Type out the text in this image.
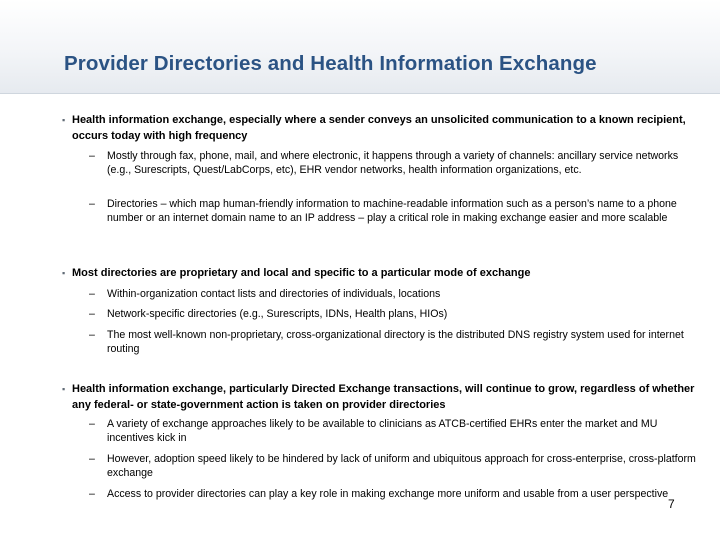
Provider Directories and Health Information Exchange
▪ Health information exchange, especially where a sender conveys an unsolicited communication to a known recipient, occurs today with high frequency
– Mostly through fax, phone, mail, and where electronic, it happens through a variety of channels: ancillary service networks (e.g., Surescripts, Quest/LabCorps, etc), EHR vendor networks, health information organizations, etc.
– Directories – which map human-friendly information to machine-readable information such as a person’s name to a phone number or an internet domain name to an IP address – play a critical role in making exchange easier and more scalable
▪ Most directories are proprietary and local and specific to a particular mode of exchange
– Within-organization contact lists and directories of individuals, locations
– Network-specific directories (e.g., Surescripts, IDNs, Health plans, HIOs)
– The most well-known non-proprietary, cross-organizational directory is the distributed DNS registry system used for internet routing
▪ Health information exchange, particularly Directed Exchange transactions, will continue to grow, regardless of whether any federal- or state-government action is taken on provider directories
– A variety of exchange approaches likely to be available to clinicians as ATCB-certified EHRs enter the market and MU incentives kick in
– However, adoption speed likely to be hindered by lack of uniform and ubiquitous approach for cross-enterprise, cross-platform exchange
– Access to provider directories can play a key role in making exchange more uniform and usable from a user perspective
7
